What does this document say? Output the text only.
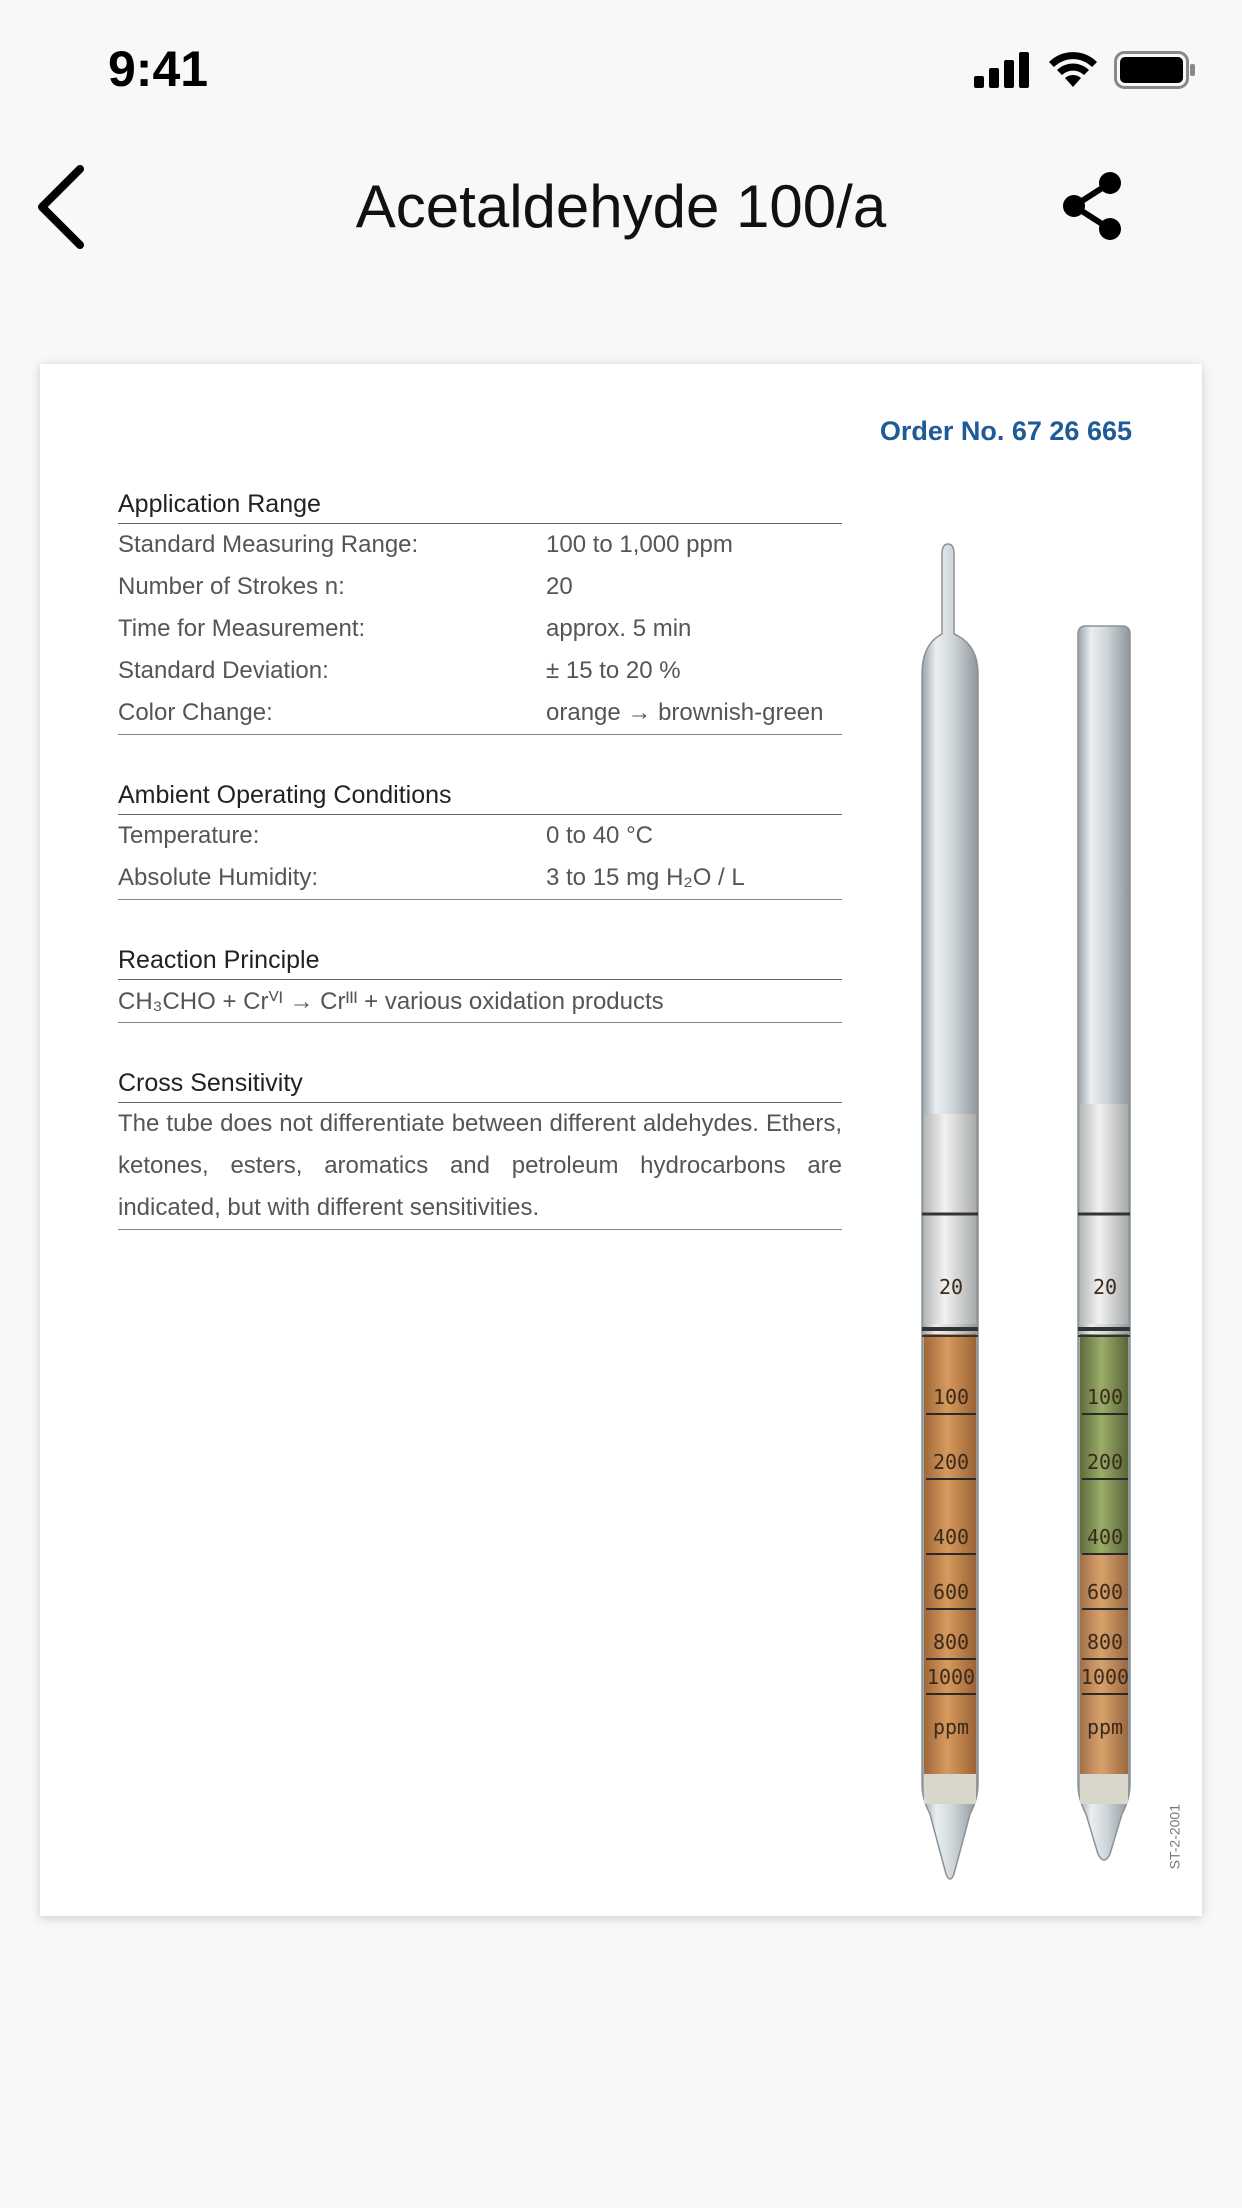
9:41
Acetaldehyde 100/a
Order No. 67 26 665
Application Range
Standard Measuring Range:	100 to 1,000 ppm
Number of Strokes n:	20
Time for Measurement:	approx. 5 min
Standard Deviation:	± 15 to 20 %
Color Change:	orange → brownish-green
Ambient Operating Conditions
Temperature:	0 to 40 °C
Absolute Humidity:	3 to 15 mg H₂O / L
Reaction Principle
CH₃CHO + Crⱽᴵ → Crᴵᴵᴵ + various oxidation products
Cross Sensitivity
The tube does not differentiate between different aldehydes. Ethers, ketones, esters, aromatics and petroleum hydrocarbons are indicated, but with different sensitivities.
20
100
200
400
600
800
1000
ppm
20
100
200
400
600
800
1000
ppm
ST-2-2001
